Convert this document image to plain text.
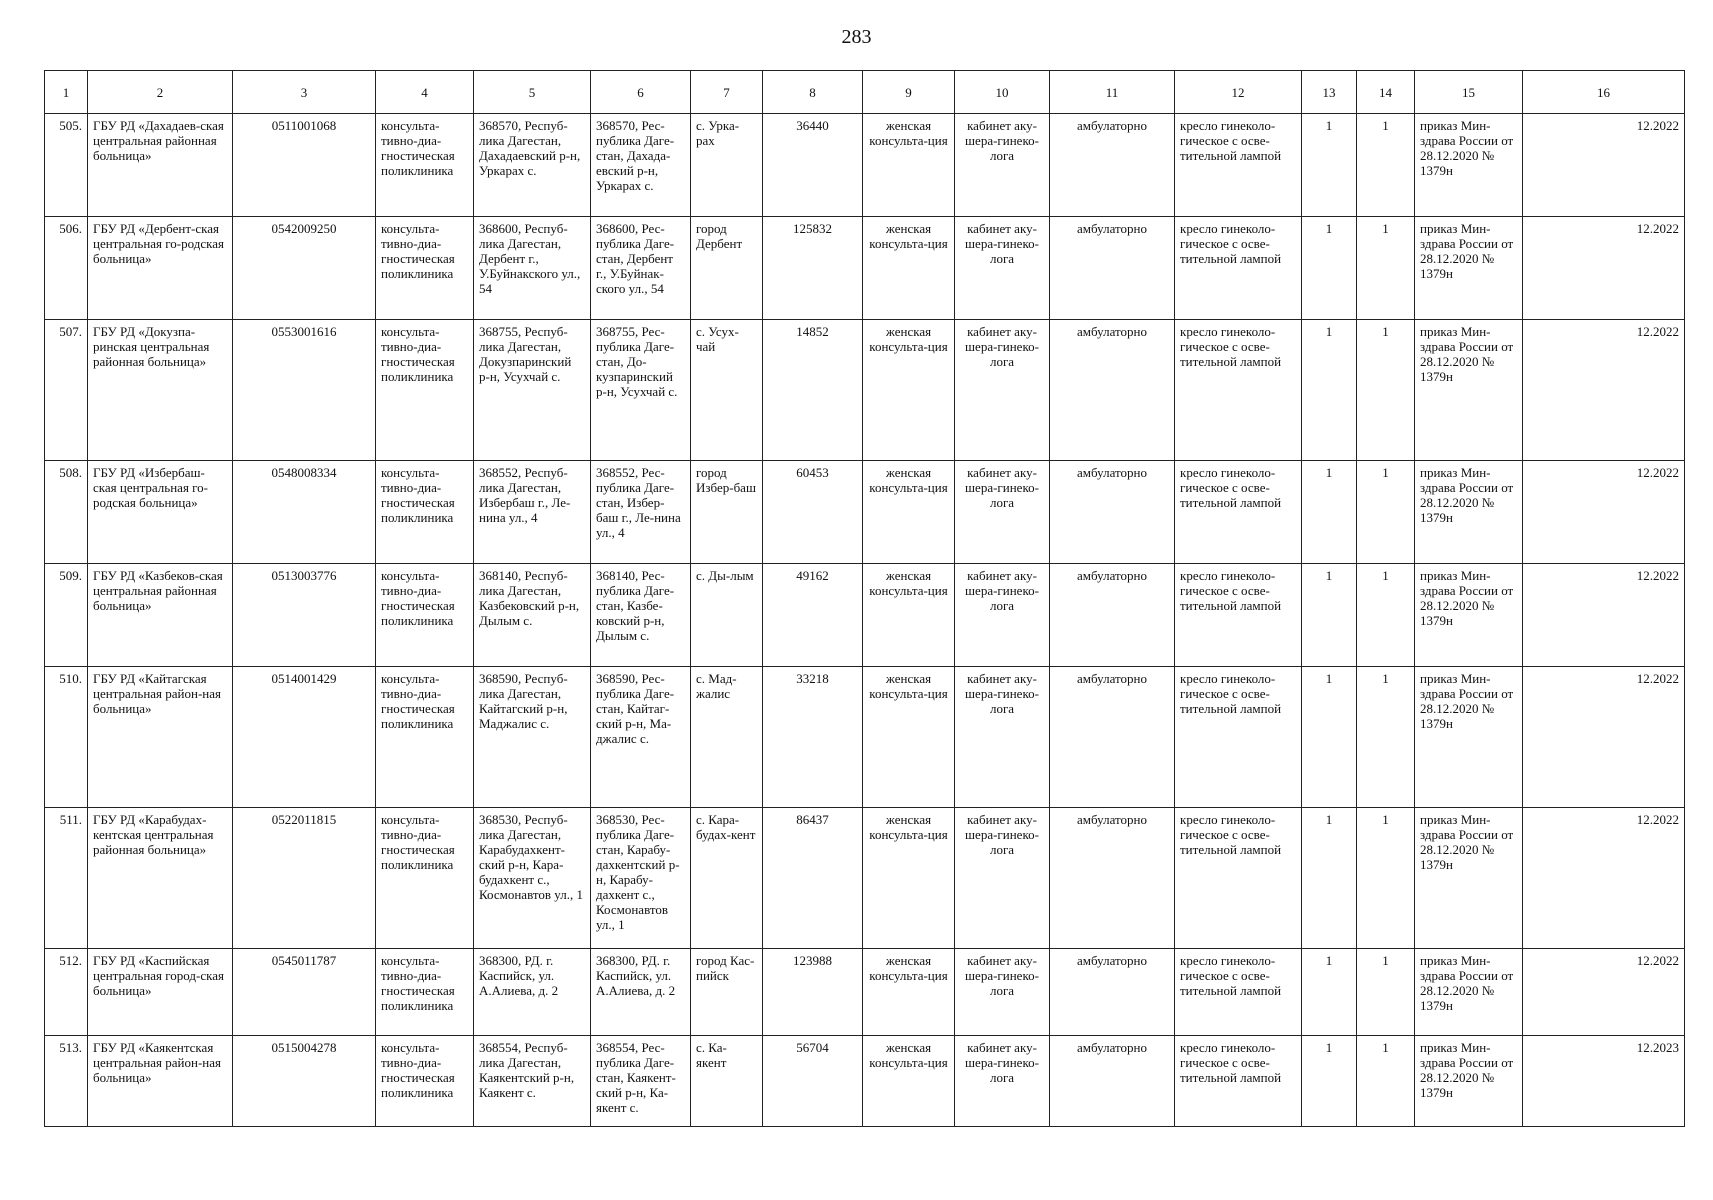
283
1	2	3	4	5	6	7	8	9	10	11	12	13	14	15	16
505.	ГБУ РД «Дахадаев-ская центральная районная больница»	0511001068	консульта-тивно-диа-гностическая поликлиника	368570, Респуб-лика Дагестан, Дахадаевский р-н, Уркарах с.	368570, Рес-публика Даге-стан, Дахада-евский р-н, Уркарах с.	с. Урка-рах	36440	женская консульта-ция	кабинет аку-шера-гинеко-лога	амбулаторно	кресло гинеколо-гическое с осве-тительной лампой	1	1	приказ Мин-здрава России от 28.12.2020 № 1379н	12.2022
506.	ГБУ РД «Дербент-ская центральная го-родская больница»	0542009250	консульта-тивно-диа-гностическая поликлиника	368600, Респуб-лика Дагестан, Дербент г., У.Буйнакского ул., 54	368600, Рес-публика Даге-стан, Дербент г., У.Буйнак-ского ул., 54	город Дербент	125832	женская консульта-ция	кабинет аку-шера-гинеко-лога	амбулаторно	кресло гинеколо-гическое с осве-тительной лампой	1	1	приказ Мин-здрава России от 28.12.2020 № 1379н	12.2022
507.	ГБУ РД «Докузпа-ринская центральная районная больница»	0553001616	консульта-тивно-диа-гностическая поликлиника	368755, Респуб-лика Дагестан, Докузпаринский р-н, Усухчай с.	368755, Рес-публика Даге-стан, До-кузпаринский р-н, Усухчай с.	с. Усух-чай	14852	женская консульта-ция	кабинет аку-шера-гинеко-лога	амбулаторно	кресло гинеколо-гическое с осве-тительной лампой	1	1	приказ Мин-здрава России от 28.12.2020 № 1379н	12.2022
508.	ГБУ РД «Избербаш-ская центральная го-родская больница»	0548008334	консульта-тивно-диа-гностическая поликлиника	368552, Респуб-лика Дагестан, Избербаш г., Ле-нина ул., 4	368552, Рес-публика Даге-стан, Избер-баш г., Ле-нина ул., 4	город Избер-баш	60453	женская консульта-ция	кабинет аку-шера-гинеко-лога	амбулаторно	кресло гинеколо-гическое с осве-тительной лампой	1	1	приказ Мин-здрава России от 28.12.2020 № 1379н	12.2022
509.	ГБУ РД «Казбеков-ская центральная районная больница»	0513003776	консульта-тивно-диа-гностическая поликлиника	368140, Респуб-лика Дагестан, Казбековский р-н, Дылым с.	368140, Рес-публика Даге-стан, Казбе-ковский р-н, Дылым с.	с. Ды-лым	49162	женская консульта-ция	кабинет аку-шера-гинеко-лога	амбулаторно	кресло гинеколо-гическое с осве-тительной лампой	1	1	приказ Мин-здрава России от 28.12.2020 № 1379н	12.2022
510.	ГБУ РД «Кайтагская центральная район-ная больница»	0514001429	консульта-тивно-диа-гностическая поликлиника	368590, Респуб-лика Дагестан, Кайтагский р-н, Маджалис с.	368590, Рес-публика Даге-стан, Кайтаг-ский р-н, Ма-джалис с.	с. Мад-жалис	33218	женская консульта-ция	кабинет аку-шера-гинеко-лога	амбулаторно	кресло гинеколо-гическое с осве-тительной лампой	1	1	приказ Мин-здрава России от 28.12.2020 № 1379н	12.2022
511.	ГБУ РД «Карабудах-кентская центральная районная больница»	0522011815	консульта-тивно-диа-гностическая поликлиника	368530, Респуб-лика Дагестан, Карабудахкент-ский р-н, Кара-будахкент с., Космонавтов ул., 1	368530, Рес-публика Даге-стан, Карабу-дахкентский р-н, Карабу-дахкент с., Космонавтов ул., 1	с. Кара-будах-кент	86437	женская консульта-ция	кабинет аку-шера-гинеко-лога	амбулаторно	кресло гинеколо-гическое с осве-тительной лампой	1	1	приказ Мин-здрава России от 28.12.2020 № 1379н	12.2022
512.	ГБУ РД «Каспийская центральная город-ская больница»	0545011787	консульта-тивно-диа-гностическая поликлиника	368300, РД. г. Каспийск, ул. А.Алиева, д. 2	368300, РД. г. Каспийск, ул. А.Алиева, д. 2	город Кас-пийск	123988	женская консульта-ция	кабинет аку-шера-гинеко-лога	амбулаторно	кресло гинеколо-гическое с осве-тительной лампой	1	1	приказ Мин-здрава России от 28.12.2020 № 1379н	12.2022
513.	ГБУ РД «Каякентская центральная район-ная больница»	0515004278	консульта-тивно-диа-гностическая поликлиника	368554, Респуб-лика Дагестан, Каякентский р-н, Каякент с.	368554, Рес-публика Даге-стан, Каякент-ский р-н, Ка-якент с.	с. Ка-якент	56704	женская консульта-ция	кабинет аку-шера-гинеко-лога	амбулаторно	кресло гинеколо-гическое с осве-тительной лампой	1	1	приказ Мин-здрава России от 28.12.2020 № 1379н	12.2023
